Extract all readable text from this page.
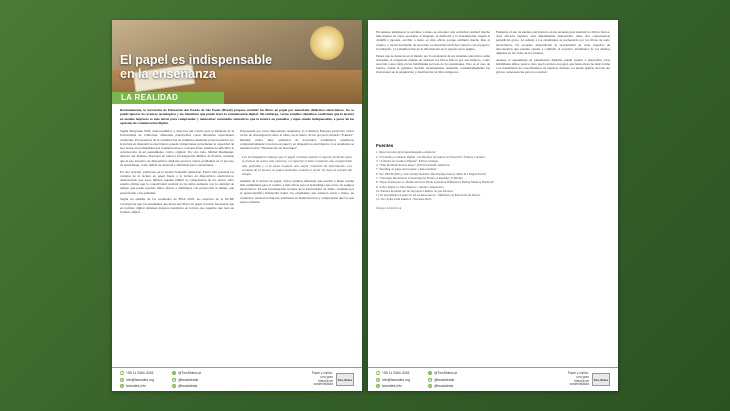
El papel es indispensable
en la enseñanza
LA REALIDAD

Recientemente, la Secretaría de Educación del Estado de São Paulo (Brasil) propuso sustituir los libros en papel por materiales didácticos electrónicos. No se puede ignorar los avances tecnológicos y los beneficios que puede traer la comunicación digital. Sin embargo, varios estudios científicos confirman que la lectura en medios impresos es más eficaz para comprender y memorizar contenidos educativos que la lectura en pantallas y sigue siendo indispensable, a pesar de las opciones de comunicación digital.

Según Maryanne Wolf, neurocientífica y directora del Centro para la Dislexia de la Universidad de California, diferentes plataformas crean diferentes capacidades cerebrales. En presencia de la combinación de estímulos mentales proporcionados por la lectura en dispositivos electrónicos puede comprometer gravemente la capacidad de leer textos en profundidad que requieren mayor concentración, además de dificultar la construcción de un pensamiento crítico original. Por otro lado, Michel Desmurget, director del Instituto Nacional de Salud e Investigación Médica de Francia, sostiene que el uso excesivo de dispositivos digitales provoca varios problemas en el proceso de aprendizaje, como déficit de atención y dificultad para concentrarse.

En otro artículo, publicado en la revista Scientific American, Ferris Jabr presenta las ventajas de la lectura en papel frente a la lectura en dispositivos electrónicos, demostrando que estos últimos pueden inhibir la comprensión de los textos. Otro estudio afirma que la conectividad cerebral en los niños aumenta con la cantidad de tiempo que pasan leyendo libros físicos y disminuye con proporción al tiempo que pasan frente a las pantallas.

Según un análisis de los resultados de PISA 2018, los expertos de la OCDE concluyeron que los estudiantes que dicen leer libros en papel con más frecuencia que en formato digital obtienen mejores resultados en lectura que aquellos que leen en formato digital.

Preocupada por estos importantes resultados, la Comisión Europea promovió varios ciclos de investigación sobre el tema, en el marco de un proyecto titulado "E-Read". Durante cuatro años, alrededor de doscientos académicos estudiaron comparativamente la lectura en papel y en dispositivos electrónicos. Los resultados se reunieron en la "Declaración de Stavanger".

Los investigadores indican que el papel continúa siendo el soporte preferido para la lectura de textos más extensos, en especial si éstos requieren una comprensión más profunda y si la tarea requiere una mayor retención de información. Las ventajas de la lectura en papel aumentan cuando el lector lee bajo la presión del tiempo.

Además de la lectura en papel, varios estudios muestran que escribir a mano resulta más estimulante para el cerebro y más eficaz para el aprendizaje que el uso de equipos electrónicos. En una investigación reciente de la Universidad de Tokio, realizada por el neurocientífico Kuniyoshi Sakai, los estudiantes que tomaron notas a mano, en cuadernos, mostraron mejores resultados en memorización y comprensión que los que usaron tabletas.

☎ +55 11 3464-3433
@ info@twosides.org
◎ twosides.info
f	@TwoSidesLat
◉ @twosideslat
in @twosidesla
Papel y cartón:
una gran
historia de
sostenibilidad
Two Sides

En quienes emplearon la escritura a mano se encontró una actividad cerebral mucho más intensa en áreas asociadas al lenguaje, la memoria y la visualización. Según el científico japonés, escribir a mano es más eficaz porque estimula mucho más el cerebro, a través del diseño de las letras, la sensación táctil del contacto con el papel y el bolígrafo, y la planificación de la información en el espacio de la página.

Países que se destacan en el mundo por la excelencia de sus sistemas educativos están revisando el exagerado énfasis en sustituir los libros físicos por electrónicos, como reacción a una caída en las habilidades lectoras de los estudiantes. Esto es el caso de Suecia, donde el gobierno decidió recientemente aumentar considerablemente las inversiones en la adquisición y distribución de libros impresos.

Fomentar el uso de medios electrónicos en las escuelas para sustituir los libros físicos, cuya eficacia superior está ampliamente demostrada, tiene otra consecuencia perjudicial grave. Al señalar a los estudiantes su preferencia por los libros de texto electrónicos, las escuelas desperdician la oportunidad de crear espacios de desconexión que puedan ayudar a combatir el excesivo abrumador de los medios digitales en las vidas de los jóvenes.

Aunque el aprendizaje en plataformas digitales puede ayudar a desarrollar otras habilidades útiles, parece claro que la lectura en papel, que hasta ahora ha dado forma a la transmisión de conocimientos en nuestras culturas, no puede dejarse de lado sin graves consecuencias para la sociedad.

Fuentes
1. https://escolar.org.br/aprendizagem-a-distancia/
2. "O Cérebro no Mundo Digital - Os Desafios da Leitura na Nossa Era", Editora Contexto.
3. "A fábrica de Cretinos Digitais", Editora Vestígio.
4. "Why the Brain Prefers Paper" (2013) Scientific American.
5. "Reading on paper and screens: a meta-analysis"
6. Ver: OECD (2021), 21st-Century Readers: Developing Literacy Skills in a Digital World.
7. "Stavanger Declaration Concerning the Future of Reading", E-READ.
8. "Paper Notebooks vs. Mobile Devices: Brain Activation Differences During Memory Retrieval".
9. "Libro digital vs. libro impreso", estudio comparativo.
10. Estudos mostram que ler em papel é melhor do que em telas.
11. El aprendizaje en papel en las escuelas suecas - Ministerio de Educación de Suecia.
12. Two Sides Latin America - Encuesta 2023.
Imagen: AdobeStock
☎ +55 11 3464-3433
@ info@twosides.org
◎ twosides.info
f	@TwoSidesLat
◉ @twosideslat
in @twosidesla
Papel y cartón:
una gran
historia de
sostenibilidad
Two Sides
